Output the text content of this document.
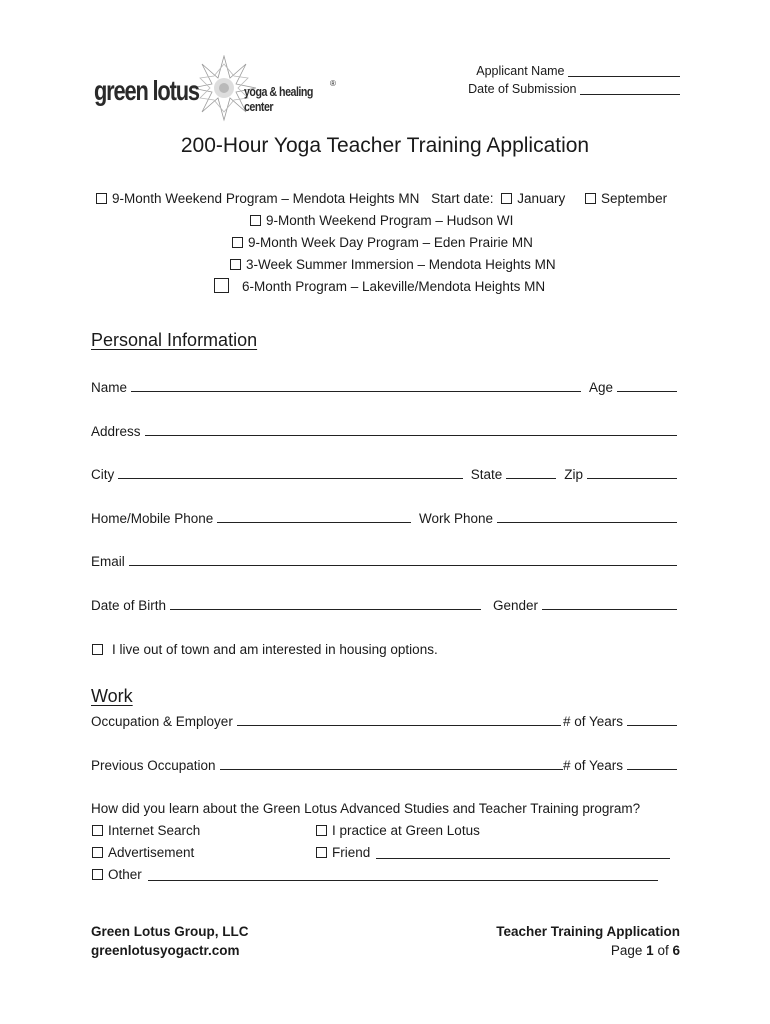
green lotus	yoga & healing center
®
Applicant Name
Date of Submission
200-Hour Yoga Teacher Training Application
9-Month Weekend Program – Mendota Heights MN Start date: January	September
9-Month Weekend Program – Hudson WI
9-Month Week Day Program – Eden Prairie MN
3-Week Summer Immersion – Mendota Heights MN
6-Month Program – Lakeville/Mendota Heights MN
Personal Information
Name	Age
Address
City	State	Zip
Home/Mobile Phone	Work Phone
Email
Date of Birth	Gender
I live out of town and am interested in housing options.
Work
Occupation & Employer	# of Years
Previous Occupation	# of Years
How did you learn about the Green Lotus Advanced Studies and Teacher Training program?
Internet Search	I practice at Green Lotus
Advertisement	Friend
Other
Green Lotus Group, LLC
greenlotusyogactr.com
Teacher Training Application
Page 1 of 6
